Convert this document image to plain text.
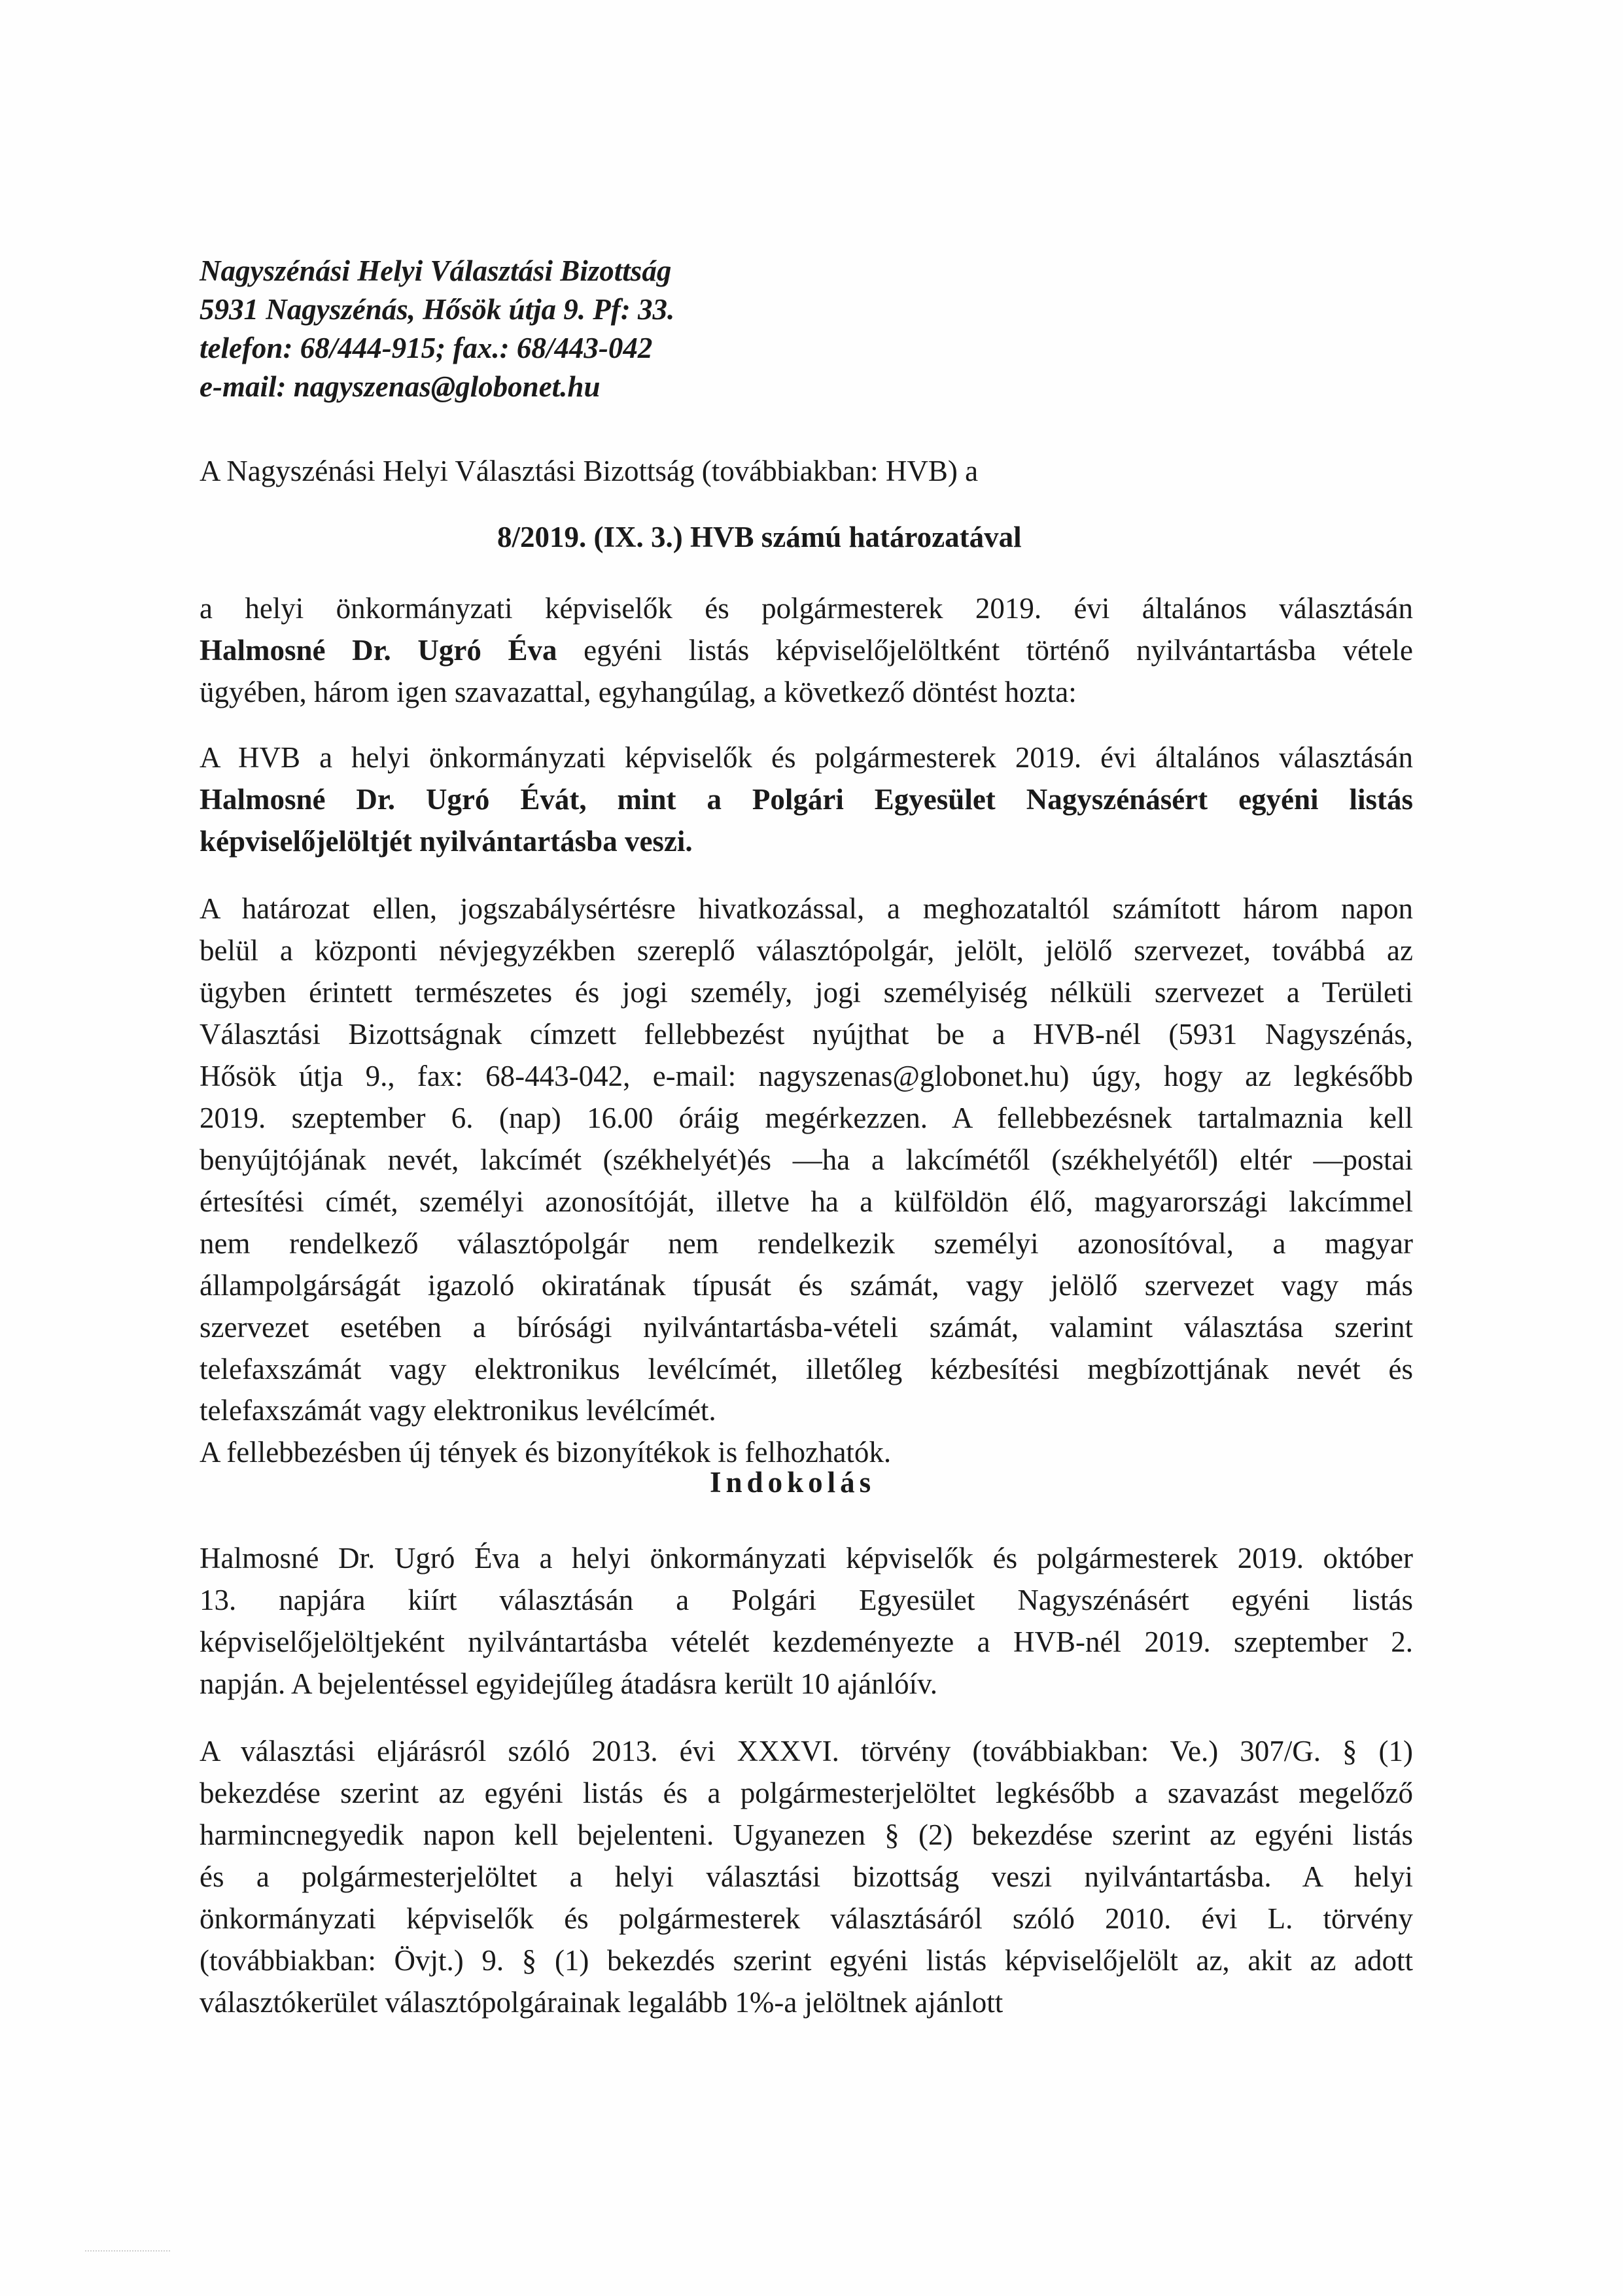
Nagyszénási Helyi Választási Bizottság
5931 Nagyszénás, Hősök útja 9. Pf: 33.
telefon: 68/444-915; fax.: 68/443-042
e-mail: nagyszenas@globonet.hu
A Nagyszénási Helyi Választási Bizottság (továbbiakban: HVB) a
8/2019. (IX. 3.) HVB számú határozatával
a helyi önkormányzati képviselők és polgármesterek 2019. évi általános választásán
Halmosné Dr. Ugró Éva egyéni listás képviselőjelöltként történő nyilvántartásba vétele
ügyében, három igen szavazattal, egyhangúlag, a következő döntést hozta:
A HVB a helyi önkormányzati képviselők és polgármesterek 2019. évi általános választásán
Halmosné Dr. Ugró Évát, mint a Polgári Egyesület Nagyszénásért egyéni listás
képviselőjelöltjét nyilvántartásba veszi.
A határozat ellen, jogszabálysértésre hivatkozással, a meghozataltól számított három napon
belül a központi névjegyzékben szereplő választópolgár, jelölt, jelölő szervezet, továbbá az
ügyben érintett természetes és jogi személy, jogi személyiség nélküli szervezet a Területi
Választási Bizottságnak címzett fellebbezést nyújthat be a HVB-nél (5931 Nagyszénás,
Hősök útja 9., fax: 68-443-042, e-mail: nagyszenas@globonet.hu) úgy, hogy az legkésőbb
2019. szeptember 6. (nap) 16.00 óráig megérkezzen. A fellebbezésnek tartalmaznia kell
benyújtójának nevét, lakcímét (székhelyét)és —ha a lakcímétől (székhelyétől) eltér —postai
értesítési címét, személyi azonosítóját, illetve ha a külföldön élő, magyarországi lakcímmel
nem rendelkező választópolgár nem rendelkezik személyi azonosítóval, a magyar
állampolgárságát igazoló okiratának típusát és számát, vagy jelölő szervezet vagy más
szervezet esetében a bírósági nyilvántartásba-vételi számát, valamint választása szerint
telefaxszámát vagy elektronikus levélcímét, illetőleg kézbesítési megbízottjának nevét és
telefaxszámát vagy elektronikus levélcímét.
A fellebbezésben új tények és bizonyítékok is felhozhatók.
Indokolás
Halmosné Dr. Ugró Éva a helyi önkormányzati képviselők és polgármesterek 2019. október
13. napjára kiírt választásán a Polgári Egyesület Nagyszénásért egyéni listás
képviselőjelöltjeként nyilvántartásba vételét kezdeményezte a HVB-nél 2019. szeptember 2.
napján. A bejelentéssel egyidejűleg átadásra került 10 ajánlóív.
A választási eljárásról szóló 2013. évi XXXVI. törvény (továbbiakban: Ve.) 307/G. § (1)
bekezdése szerint az egyéni listás és a polgármesterjelöltet legkésőbb a szavazást megelőző
harmincnegyedik napon kell bejelenteni. Ugyanezen § (2) bekezdése szerint az egyéni listás
és a polgármesterjelöltet a helyi választási bizottság veszi nyilvántartásba. A helyi
önkormányzati képviselők és polgármesterek választásáról szóló 2010. évi L. törvény
(továbbiakban: Övjt.) 9. § (1) bekezdés szerint egyéni listás képviselőjelölt az, akit az adott
választókerület választópolgárainak legalább 1%-a jelöltnek ajánlott
